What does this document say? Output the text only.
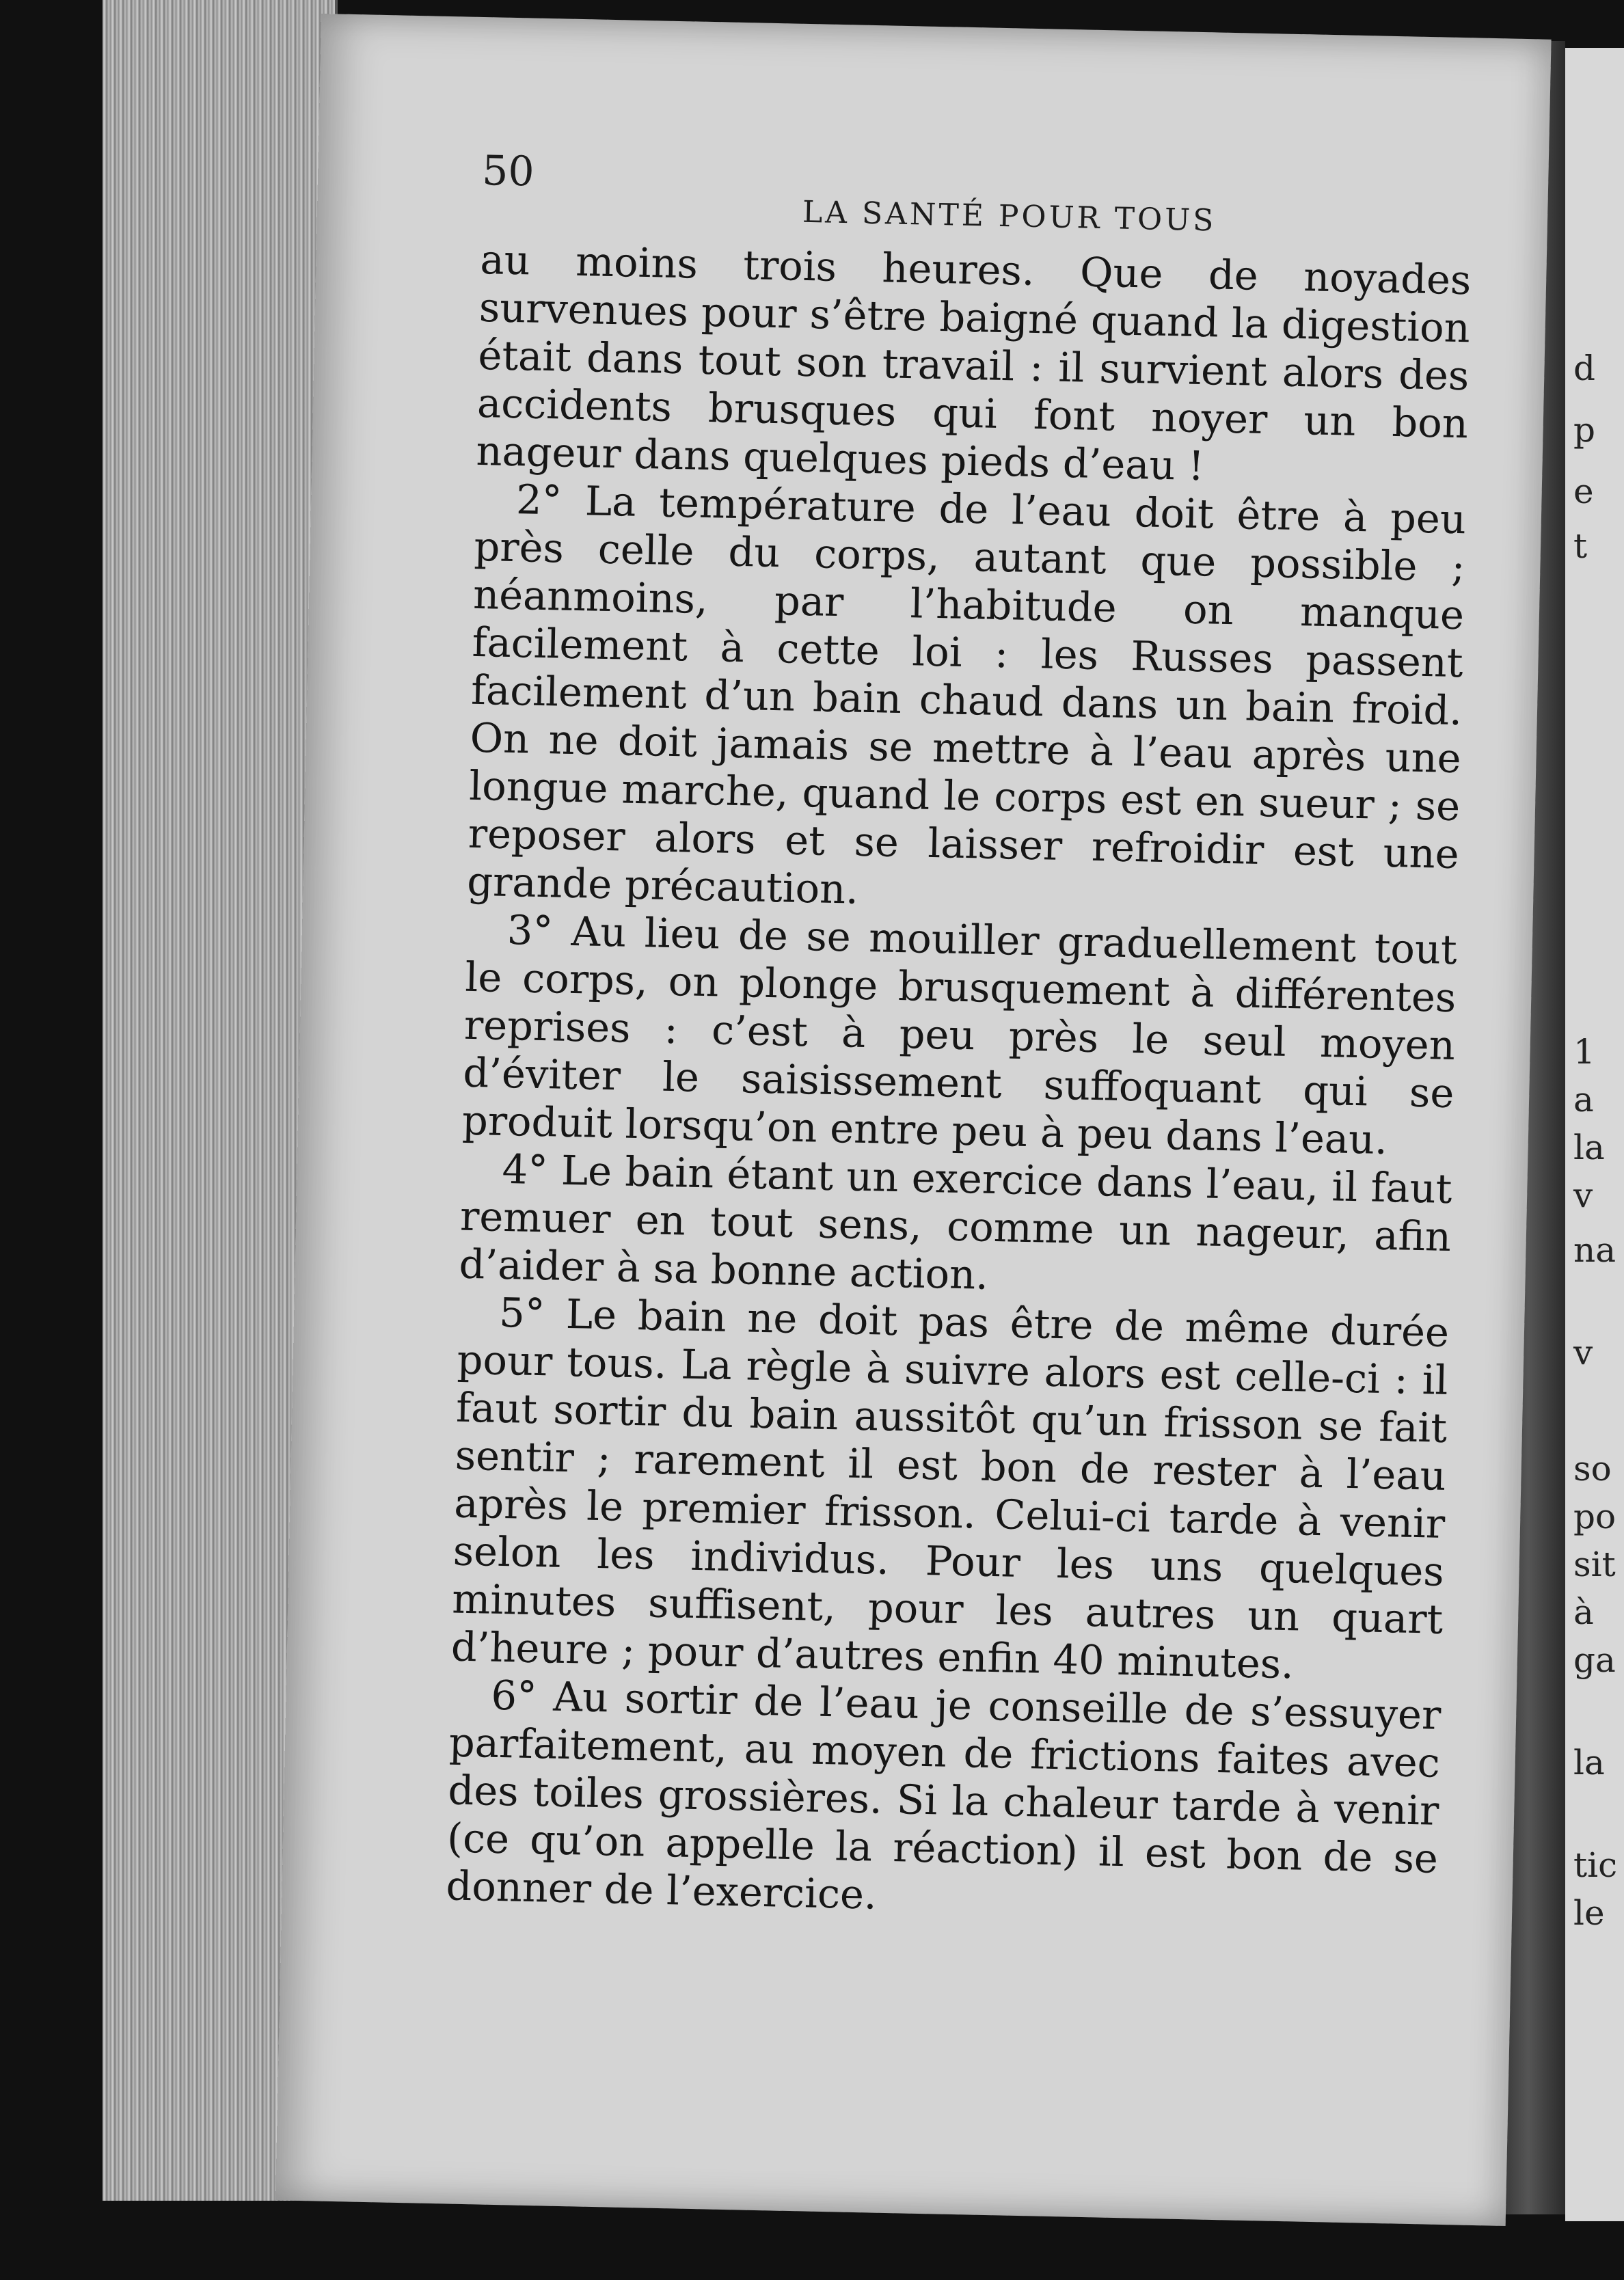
d
p
e
t
1
a
la
v
na
v
so
po
sit
à
ga
la
tic
le
50
LA SANTÉ POUR TOUS

au moins trois heures. Que de noyades survenues pour s’être baigné quand la digestion était dans tout son travail : il survient alors des accidents brusques qui font noyer un bon nageur dans quelques pieds d’eau !

2° La température de l’eau doit être à peu près celle du corps, autant que possible ; néanmoins, par l’habitude on manque facilement à cette loi : les Russes passent facilement d’un bain chaud dans un bain froid. On ne doit jamais se mettre à l’eau après une longue marche, quand le corps est en sueur ; se reposer alors et se laisser refroidir est une grande précaution.

3° Au lieu de se mouiller graduellement tout le corps, on plonge brusquement à différentes reprises : c’est à peu près le seul moyen d’éviter le saisissement suffoquant qui se produit lorsqu’on entre peu à peu dans l’eau.

4° Le bain étant un exercice dans l’eau, il faut remuer en tout sens, comme un nageur, afin d’aider à sa bonne action.

5° Le bain ne doit pas être de même durée pour tous. La règle à suivre alors est celle-ci : il faut sortir du bain aussitôt qu’un frisson se fait sentir ; rarement il est bon de rester à l’eau après le premier frisson. Celui-ci tarde à venir selon les individus. Pour les uns quelques minutes suffisent, pour les autres un quart d’heure ; pour d’autres enfin 40 minutes.

6° Au sortir de l’eau je conseille de s’essuyer parfaitement, au moyen de frictions faites avec des toiles grossières. Si la chaleur tarde à venir (ce qu’on appelle la réaction) il est bon de se donner de l’exercice.
